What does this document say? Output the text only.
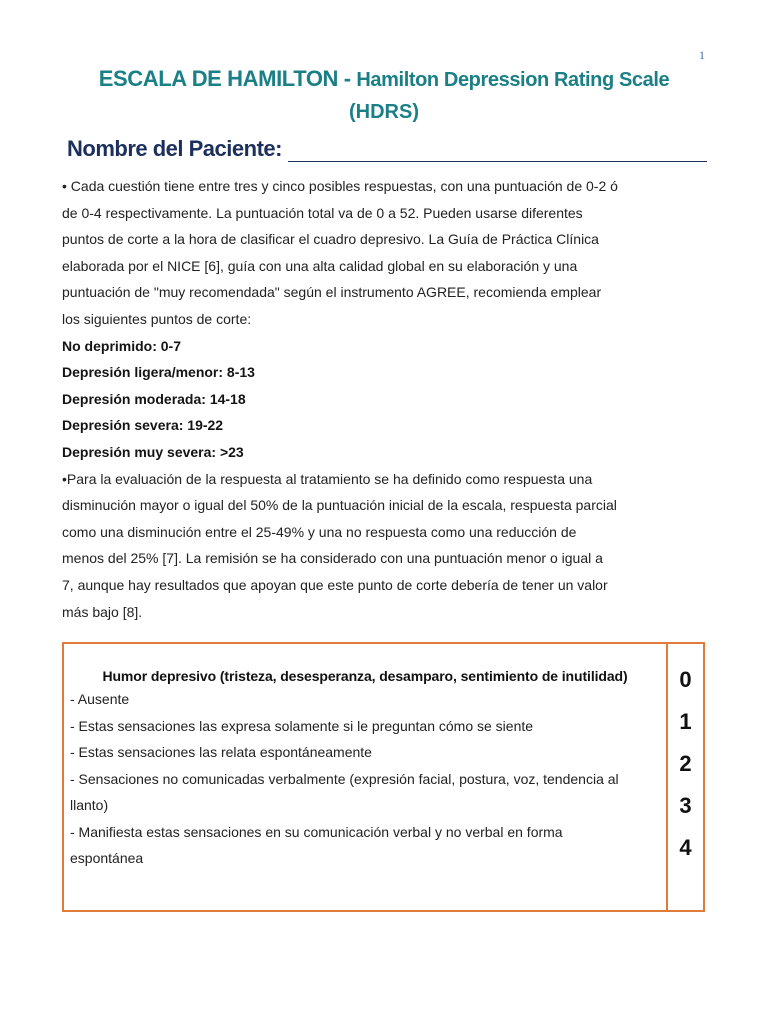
1
ESCALA DE HAMILTON - Hamilton Depression Rating Scale
(HDRS)
Nombre del Paciente:

• Cada cuestión tiene entre tres y cinco posibles respuestas, con una puntuación de 0-2 ó

de 0-4 respectivamente. La puntuación total va de 0 a 52. Pueden usarse diferentes

puntos de corte a la hora de clasificar el cuadro depresivo. La Guía de Práctica Clínica

elaborada por el NICE [6], guía con una alta calidad global en su elaboración y una

puntuación de "muy recomendada" según el instrumento AGREE, recomienda emplear

los siguientes puntos de corte:

No deprimido: 0-7

Depresión ligera/menor: 8-13

Depresión moderada: 14-18

Depresión severa: 19-22

Depresión muy severa: >23

•Para la evaluación de la respuesta al tratamiento se ha definido como respuesta una

disminución mayor o igual del 50% de la puntuación inicial de la escala, respuesta parcial

como una disminución entre el 25-49% y una no respuesta como una reducción de

menos del 25% [7]. La remisión se ha considerado con una puntuación menor o igual a

7, aunque hay resultados que apoyan que este punto de corte debería de tener un valor

más bajo [8].

Humor depresivo (tristeza, desesperanza, desamparo, sentimiento de inutilidad)
- Ausente
- Estas sensaciones las expresa solamente si le preguntan cómo se siente
- Estas sensaciones las relata espontáneamente
- Sensaciones no comunicadas verbalmente (expresión facial, postura, voz, tendencia al
llanto)
- Manifiesta estas sensaciones en su comunicación verbal y no verbal en forma
espontánea
0
1
2
3
4
